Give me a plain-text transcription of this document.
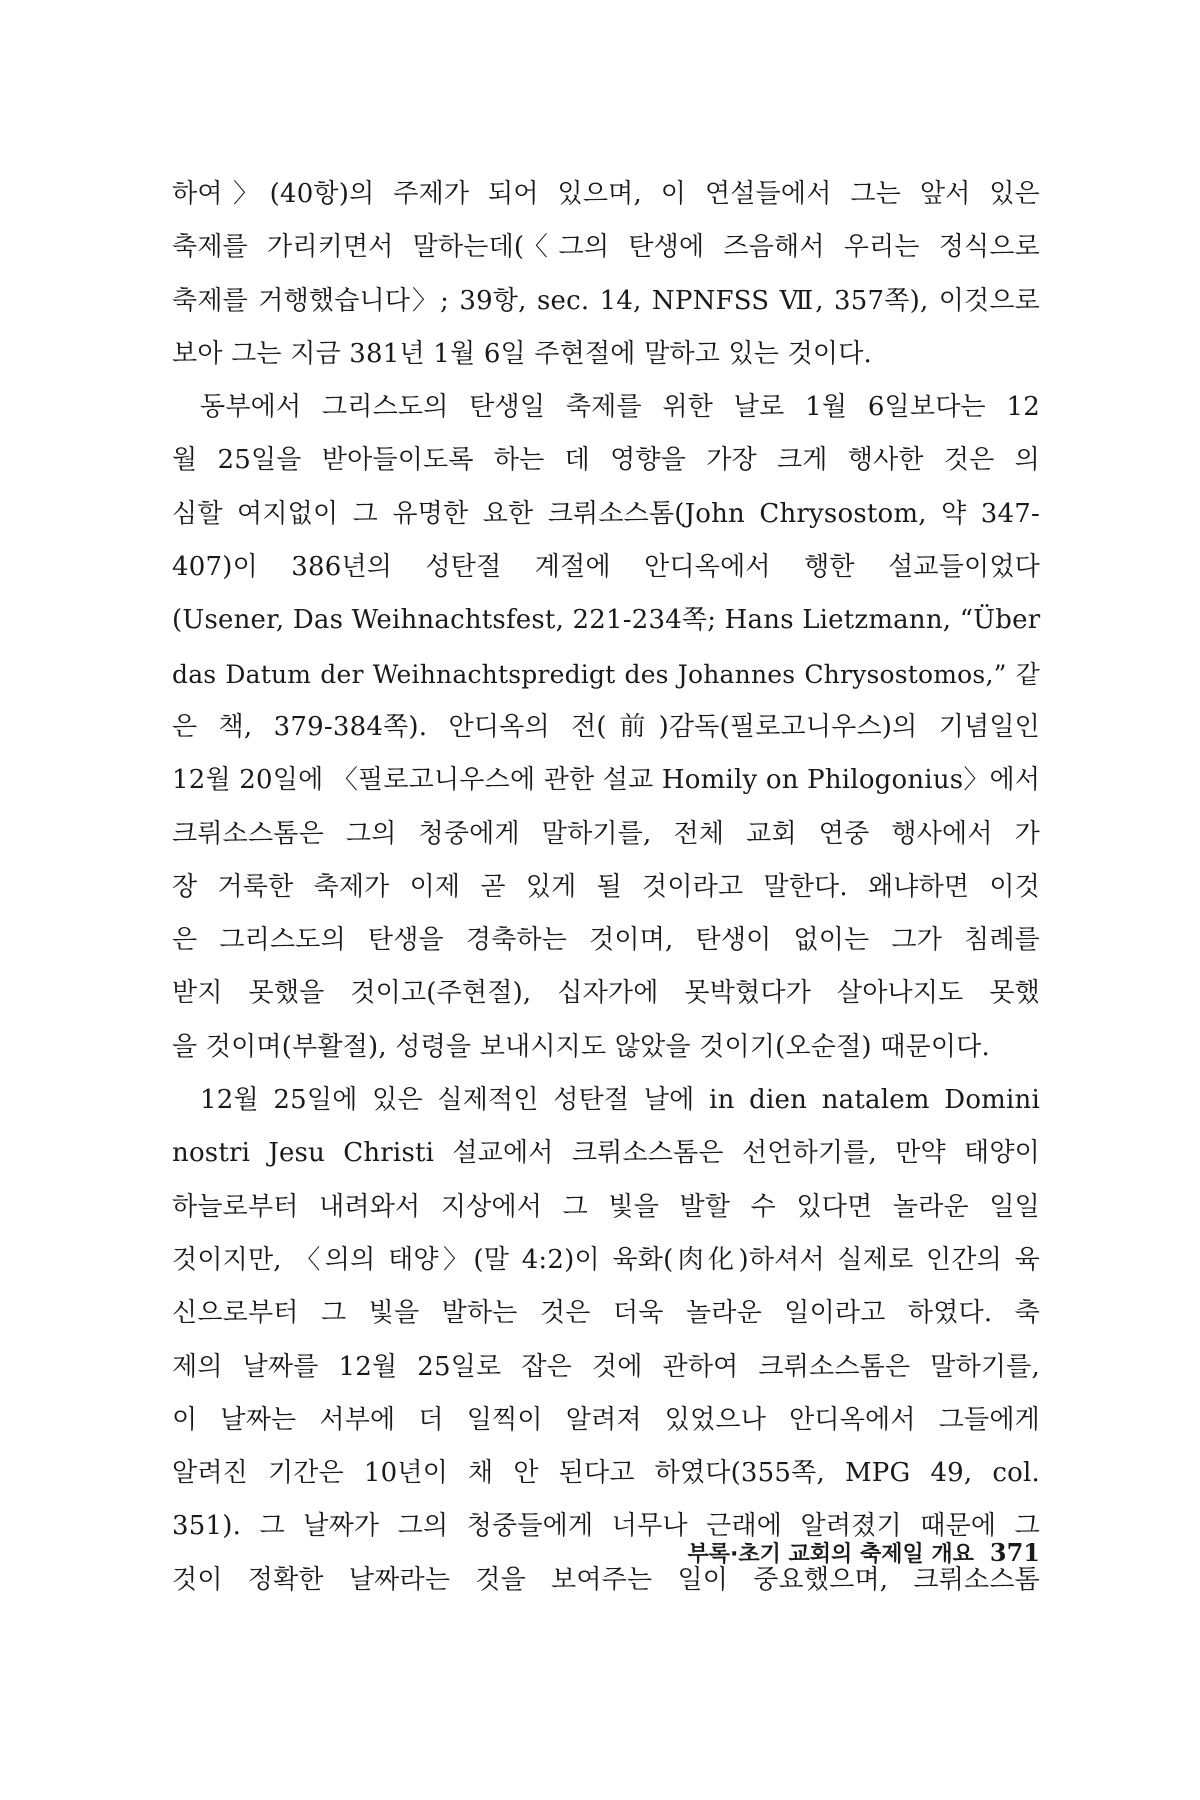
하여〉(40항)의 주제가 되어 있으며, 이 연설들에서 그는 앞서 있은
축제를 가리키면서 말하는데(〈그의 탄생에 즈음해서 우리는 정식으로
축제를 거행했습니다〉; 39항, sec. 14, NPNFSS Ⅶ, 357쪽), 이것으로
보아 그는 지금 381년 1월 6일 주현절에 말하고 있는 것이다.
동부에서 그리스도의 탄생일 축제를 위한 날로 1월 6일보다는 12
월 25일을 받아들이도록 하는 데 영향을 가장 크게 행사한 것은 의
심할 여지없이 그 유명한 요한 크뤼소스톰(John Chrysostom, 약 347-
407)이 386년의 성탄절 계절에 안디옥에서 행한 설교들이었다
(Usener, Das Weihnachtsfest, 221-234쪽; Hans Lietzmann, “Über
das Datum der Weihnachtspredigt des Johannes Chrysostomos,” 같
은 책, 379-384쪽). 안디옥의 전(前)감독(필로고니우스)의 기념일인
12월 20일에 〈필로고니우스에 관한 설교 Homily on Philogonius〉에서
크뤼소스톰은 그의 청중에게 말하기를, 전체 교회 연중 행사에서 가
장 거룩한 축제가 이제 곧 있게 될 것이라고 말한다. 왜냐하면 이것
은 그리스도의 탄생을 경축하는 것이며, 탄생이 없이는 그가 침례를
받지 못했을 것이고(주현절), 십자가에 못박혔다가 살아나지도 못했
을 것이며(부활절), 성령을 보내시지도 않았을 것이기(오순절) 때문이다.
12월 25일에 있은 실제적인 성탄절 날에 in dien natalem Domini
nostri Jesu Christi 설교에서 크뤼소스톰은 선언하기를, 만약 태양이
하늘로부터 내려와서 지상에서 그 빛을 발할 수 있다면 놀라운 일일
것이지만, 〈의의 태양〉(말 4:2)이 육화(肉化)하셔서 실제로 인간의 육
신으로부터 그 빛을 발하는 것은 더욱 놀라운 일이라고 하였다. 축
제의 날짜를 12월 25일로 잡은 것에 관하여 크뤼소스톰은 말하기를,
이 날짜는 서부에 더 일찍이 알려져 있었으나 안디옥에서 그들에게
알려진 기간은 10년이 채 안 된다고 하였다(355쪽, MPG 49, col.
351). 그 날짜가 그의 청중들에게 너무나 근래에 알려졌기 때문에 그
것이 정확한 날짜라는 것을 보여주는 일이 중요했으며, 크뤼소스톰
부록·초기 교회의 축제일 개요 371
